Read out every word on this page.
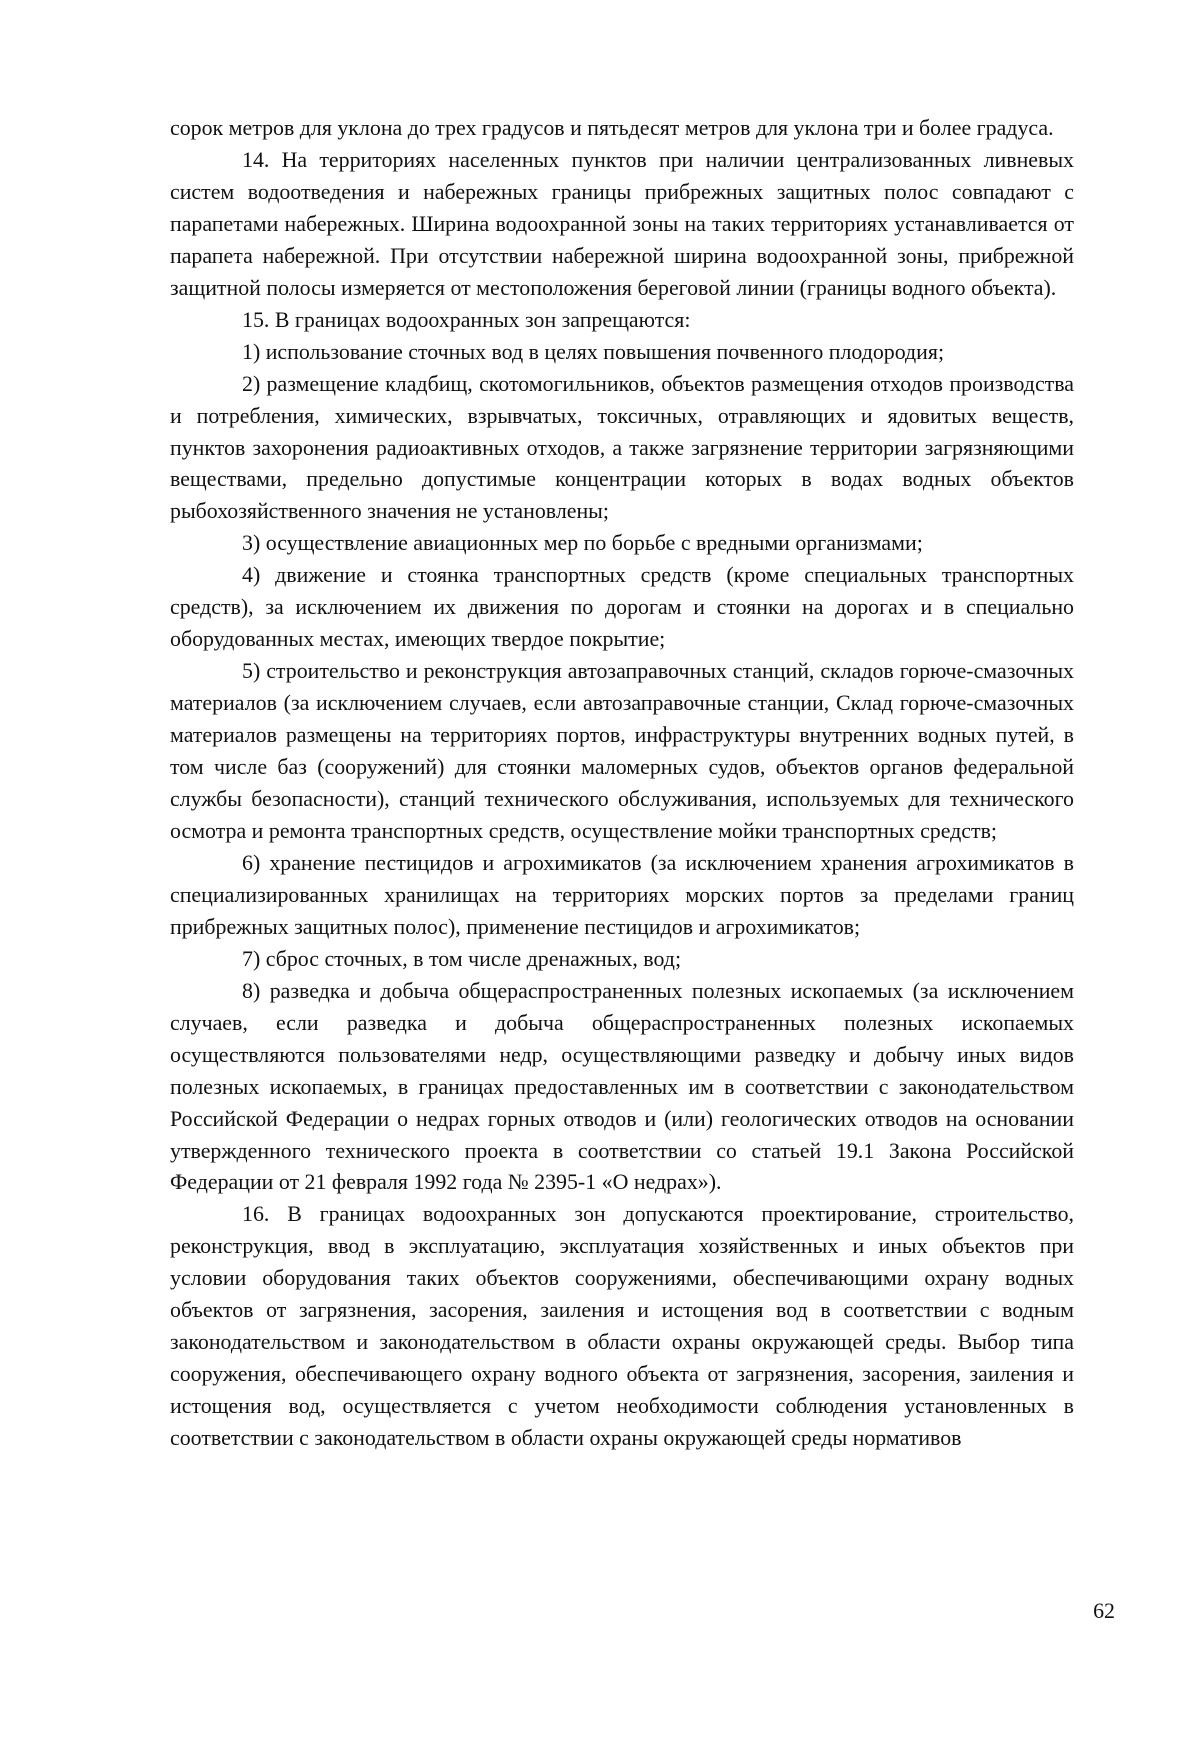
сорок метров для уклона до трех градусов и пятьдесят метров для уклона три и более градуса.

14. На территориях населенных пунктов при наличии централизованных ливневых систем водоотведения и набережных границы прибрежных защитных полос совпадают с парапетами набережных. Ширина водоохранной зоны на таких территориях устанавливается от парапета набережной. При отсутствии набережной ширина водоохранной зоны, прибрежной защитной полосы измеряется от местоположения береговой линии (границы водного объекта).

15. В границах водоохранных зон запрещаются:

1) использование сточных вод в целях повышения почвенного плодородия;

2) размещение кладбищ, скотомогильников, объектов размещения отходов производства и потребления, химических, взрывчатых, токсичных, отравляющих и ядовитых веществ, пунктов захоронения радиоактивных отходов, а также загрязнение территории загрязняющими веществами, предельно допустимые концентрации которых в водах водных объектов рыбохозяйственного значения не установлены;

3) осуществление авиационных мер по борьбе с вредными организмами;

4) движение и стоянка транспортных средств (кроме специальных транспортных средств), за исключением их движения по дорогам и стоянки на дорогах и в специально оборудованных местах, имеющих твердое покрытие;

5) строительство и реконструкция автозаправочных станций, складов горюче-смазочных материалов (за исключением случаев, если автозаправочные станции, Склад горюче-смазочных материалов размещены на территориях портов, инфраструктуры внутренних водных путей, в том числе баз (сооружений) для стоянки маломерных судов, объектов органов федеральной службы безопасности), станций технического обслуживания, используемых для технического осмотра и ремонта транспортных средств, осуществление мойки транспортных средств;

6) хранение пестицидов и агрохимикатов (за исключением хранения агрохимикатов в специализированных хранилищах на территориях морских портов за пределами границ прибрежных защитных полос), применение пестицидов и агрохимикатов;

7) сброс сточных, в том числе дренажных, вод;

8) разведка и добыча общераспространенных полезных ископаемых (за исключением случаев, если разведка и добыча общераспространенных полезных ископаемых осуществляются пользователями недр, осуществляющими разведку и добычу иных видов полезных ископаемых, в границах предоставленных им в соответствии с законодательством Российской Федерации о недрах горных отводов и (или) геологических отводов на основании утвержденного технического проекта в соответствии со статьей 19.1 Закона Российской Федерации от 21 февраля 1992 года № 2395-1 «О недрах»).

16. В границах водоохранных зон допускаются проектирование, строительство, реконструкция, ввод в эксплуатацию, эксплуатация хозяйственных и иных объектов при условии оборудования таких объектов сооружениями, обеспечивающими охрану водных объектов от загрязнения, засорения, заиления и истощения вод в соответствии с водным законодательством и законодательством в области охраны окружающей среды. Выбор типа сооружения, обеспечивающего охрану водного объекта от загрязнения, засорения, заиления и истощения вод, осуществляется с учетом необходимости соблюдения установленных в соответствии с законодательством в области охраны окружающей среды нормативов

62
